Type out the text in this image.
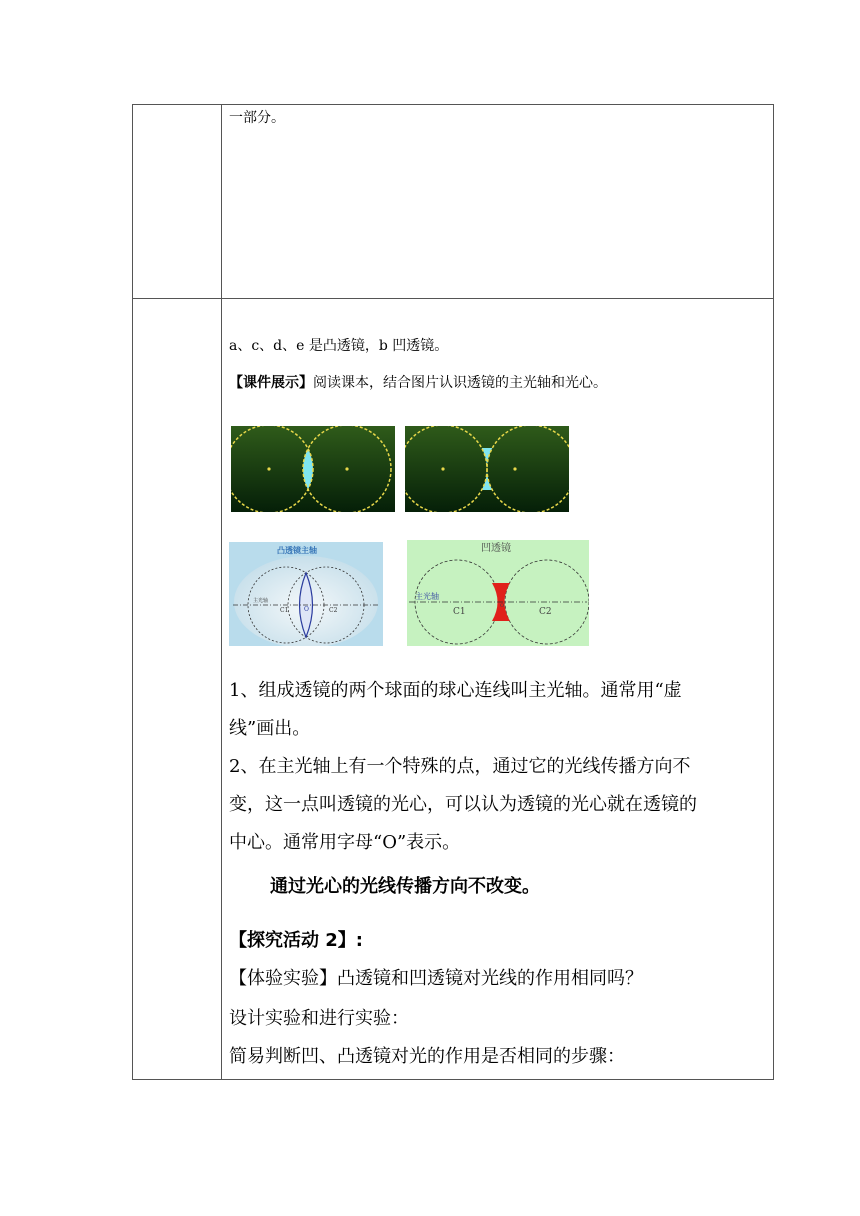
一部分。
a、c、d、e 是凸透镜，b 凹透镜。
【课件展示】阅读课本，结合图片认识透镜的主光轴和光心。
凸透镜主轴
主光轴
C1	O	C2
凹透镜
主光轴
C1
O
C2
1、组成透镜的两个球面的球心连线叫主光轴。通常用“虚
线”画出。
2、在主光轴上有一个特殊的点，通过它的光线传播方向不
变，这一点叫透镜的光心，可以认为透镜的光心就在透镜的
中心。通常用字母“O”表示。
通过光心的光线传播方向不改变。
【探究活动 2】:
【体验实验】凸透镜和凹透镜对光线的作用相同吗？
设计实验和进行实验：
简易判断凹、凸透镜对光的作用是否相同的步骤：
